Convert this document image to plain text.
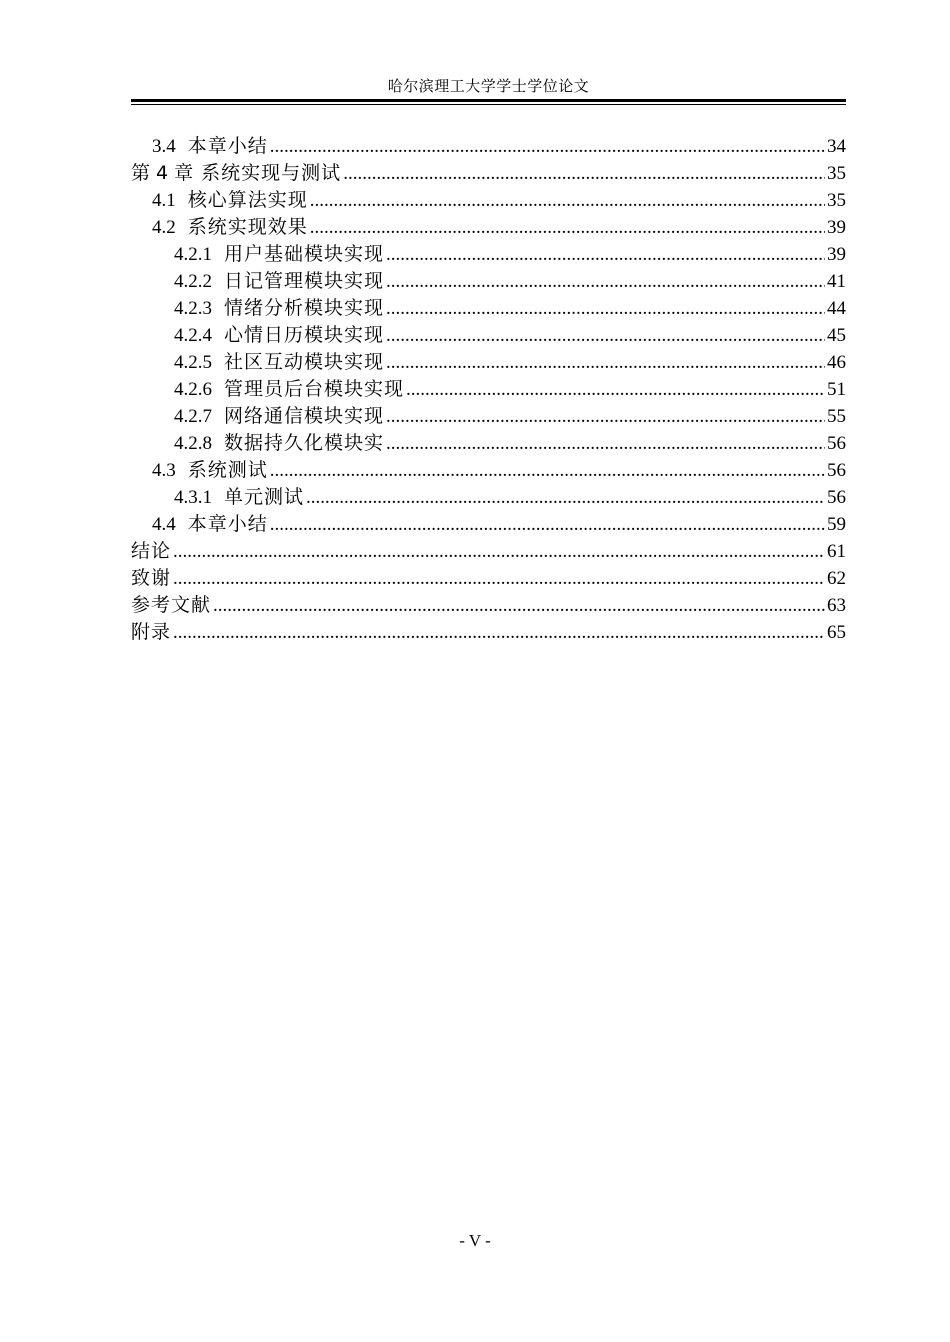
哈尔滨理工大学学士学位论文
3.4 本章小结 .....	34
第 4 章 系统实现与测试 .....	35
4.1 核心算法实现 .....	35
4.2 系统实现效果 .....	39
4.2.1 用户基础模块实现 .....	39
4.2.2 日记管理模块实现 .....	41
4.2.3 情绪分析模块实现 .....	44
4.2.4 心情日历模块实现 .....	45
4.2.5 社区互动模块实现 .....	46
4.2.6 管理员后台模块实现 .....	51
4.2.7 网络通信模块实现 .....	55
4.2.8 数据持久化模块实 .....	56
4.3 系统测试 .....	56
4.3.1 单元测试 .....	56
4.4 本章小结 .....	59
结论 .....	61
致谢 .....	62
参考文献 .....	63
附录 .....	65
- V -
